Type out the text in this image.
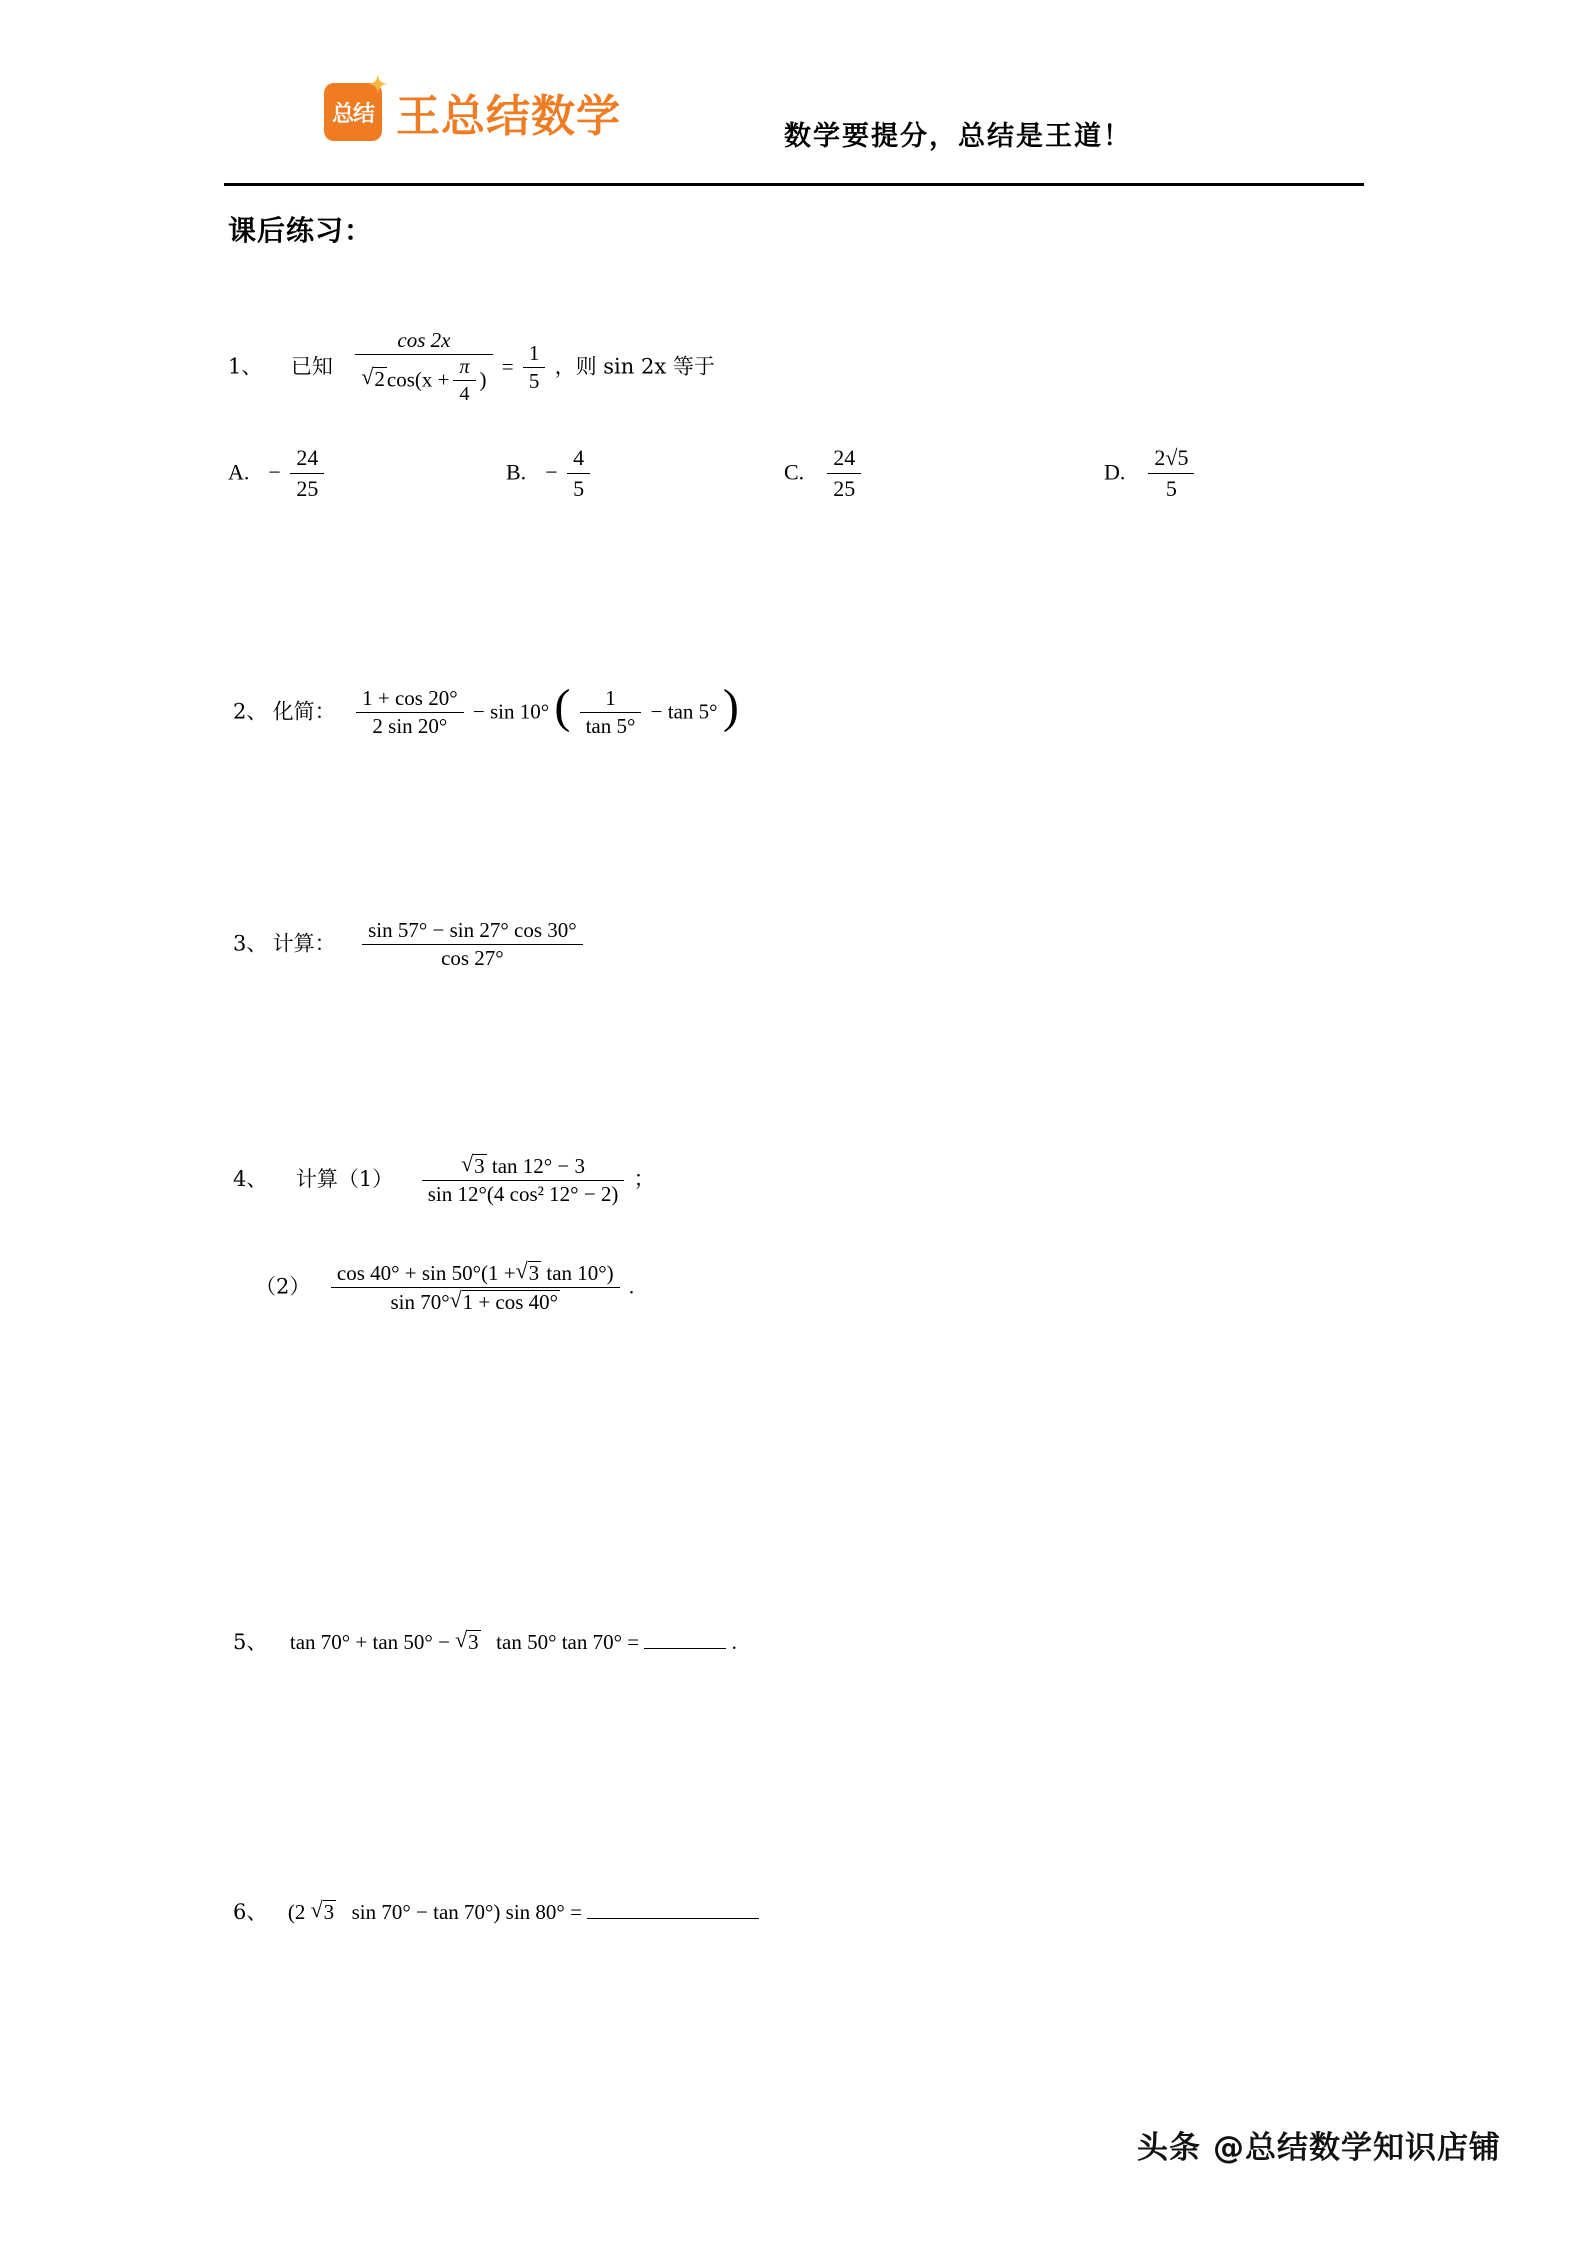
✦
总结 王总结数学	数学要提分，总结是王道！
课后练习：
1、 已知 cos 2x
√ $2\cos(x + \frac{\pi}{4}$ ) = $\frac{1}{5}$ ，则 sin 2x 等于
A. − $\frac{24}{25}$	B. − $\frac{4}{5}$	C. $\frac{24}{25}$	D. $\frac{2√5}{5}$
2、 化简： $\frac{1 + \cos 20^\circ}{2 \sin 20^\circ} - \sin 10^\circ$ ( $\frac{1}{\tan 5^\circ} - \tan 5^\circ$ )
3、 计算： $\frac{\sin 57^\circ - \sin 27^\circ \cos 30^\circ}{\cos 27^\circ}$
4、 计算（1） √ $\frac{3 \tan 12^\circ - 3}{\text{sin 12°(4 cos² 12° − 2)}}$ ；
$(2) \frac{\cos 40^\circ + \sin 50^\circ(1 + √ 3 \tan 10^\circ)}{\sin 70^\circ √ 1 + \cos 40^\circ}$ .
5、 tan 70° + tan 50° − √ 3 tan 50° tan 70° =	.
6、 (2 √ 3 sin 70° − tan 70°) sin 80° =
头条 @总结数学知识店铺
